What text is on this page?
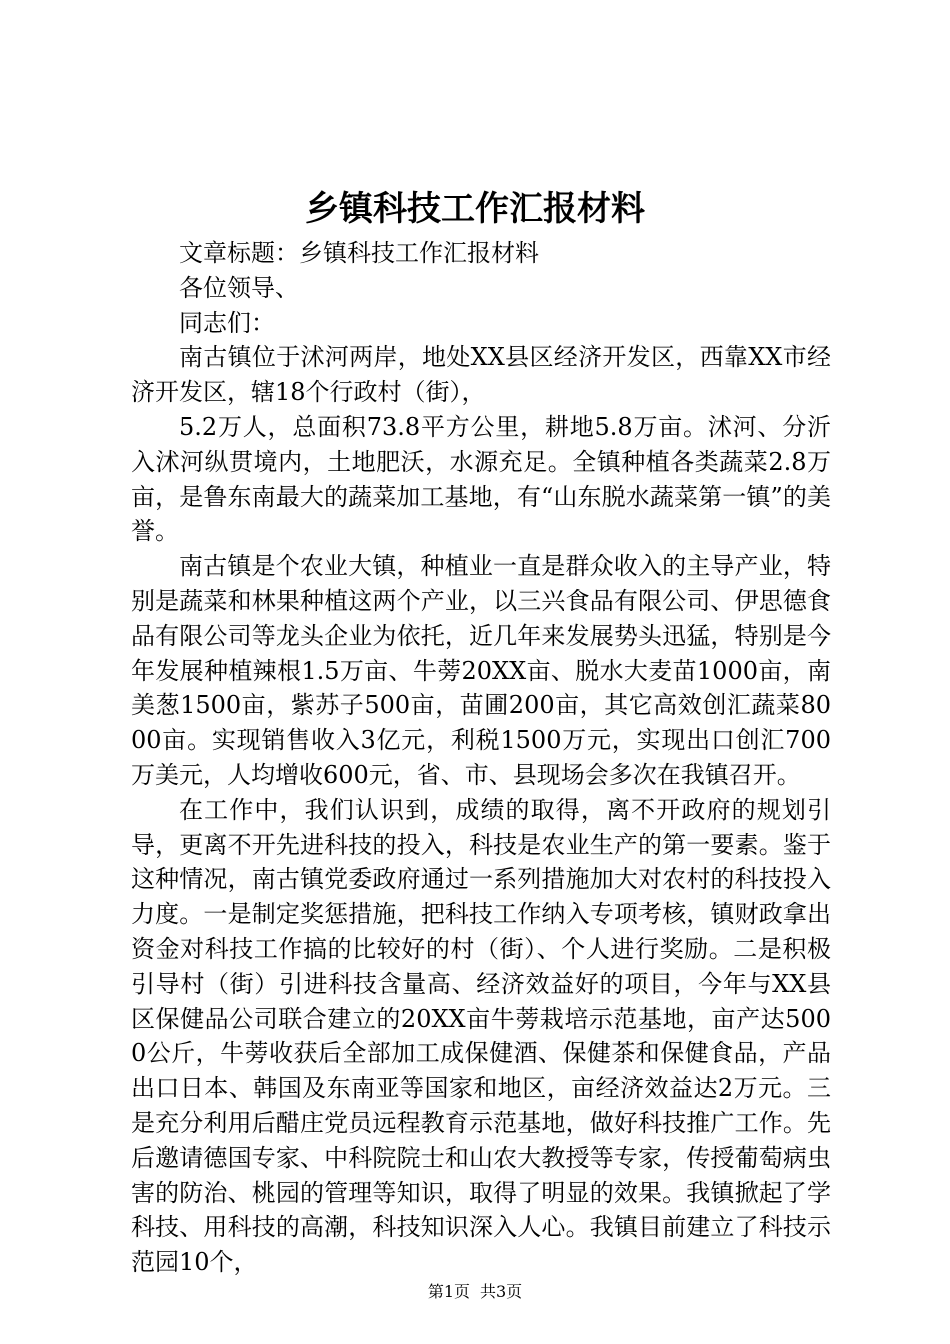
乡镇科技工作汇报材料

文章标题：乡镇科技工作汇报材料

各位领导、

同志们：

南古镇位于沭河两岸，地处XX县区经济开发区，西靠XX市经济开发区，辖18个行政村（街），

5.2万人，总面积73.8平方公里，耕地5.8万亩。沭河、分沂入沭河纵贯境内，土地肥沃，水源充足。全镇种植各类蔬菜2.8万亩，是鲁东南最大的蔬菜加工基地，有“山东脱水蔬菜第一镇”的美誉。

南古镇是个农业大镇，种植业一直是群众收入的主导产业，特别是蔬菜和林果种植这两个产业，以三兴食品有限公司、伊思德食品有限公司等龙头企业为依托，近几年来发展势头迅猛，特别是今年发展种植辣根1.5万亩、牛蒡20XX亩、脱水大麦苗1000亩，南美葱1500亩，紫苏子500亩，苗圃200亩，其它高效创汇蔬菜8000亩。实现销售收入3亿元，利税1500万元，实现出口创汇700万美元，人均增收600元，省、市、县现场会多次在我镇召开。

在工作中，我们认识到，成绩的取得，离不开政府的规划引导，更离不开先进科技的投入，科技是农业生产的第一要素。鉴于这种情况，南古镇党委政府通过一系列措施加大对农村的科技投入力度。一是制定奖惩措施，把科技工作纳入专项考核，镇财政拿出资金对科技工作搞的比较好的村（街）、个人进行奖励。二是积极引导村（街）引进科技含量高、经济效益好的项目，今年与XX县区保健品公司联合建立的20XX亩牛蒡栽培示范基地，亩产达5000公斤，牛蒡收获后全部加工成保健酒、保健茶和保健食品，产品出口日本、韩国及东南亚等国家和地区，亩经济效益达2万元。三是充分利用后醋庄党员远程教育示范基地，做好科技推广工作。先后邀请德国专家、中科院院士和山农大教授等专家，传授葡萄病虫害的防治、桃园的管理等知识，取得了明显的效果。我镇掀起了学科技、用科技的高潮，科技知识深入人心。我镇目前建立了科技示范园10个，

第1页 共3页
